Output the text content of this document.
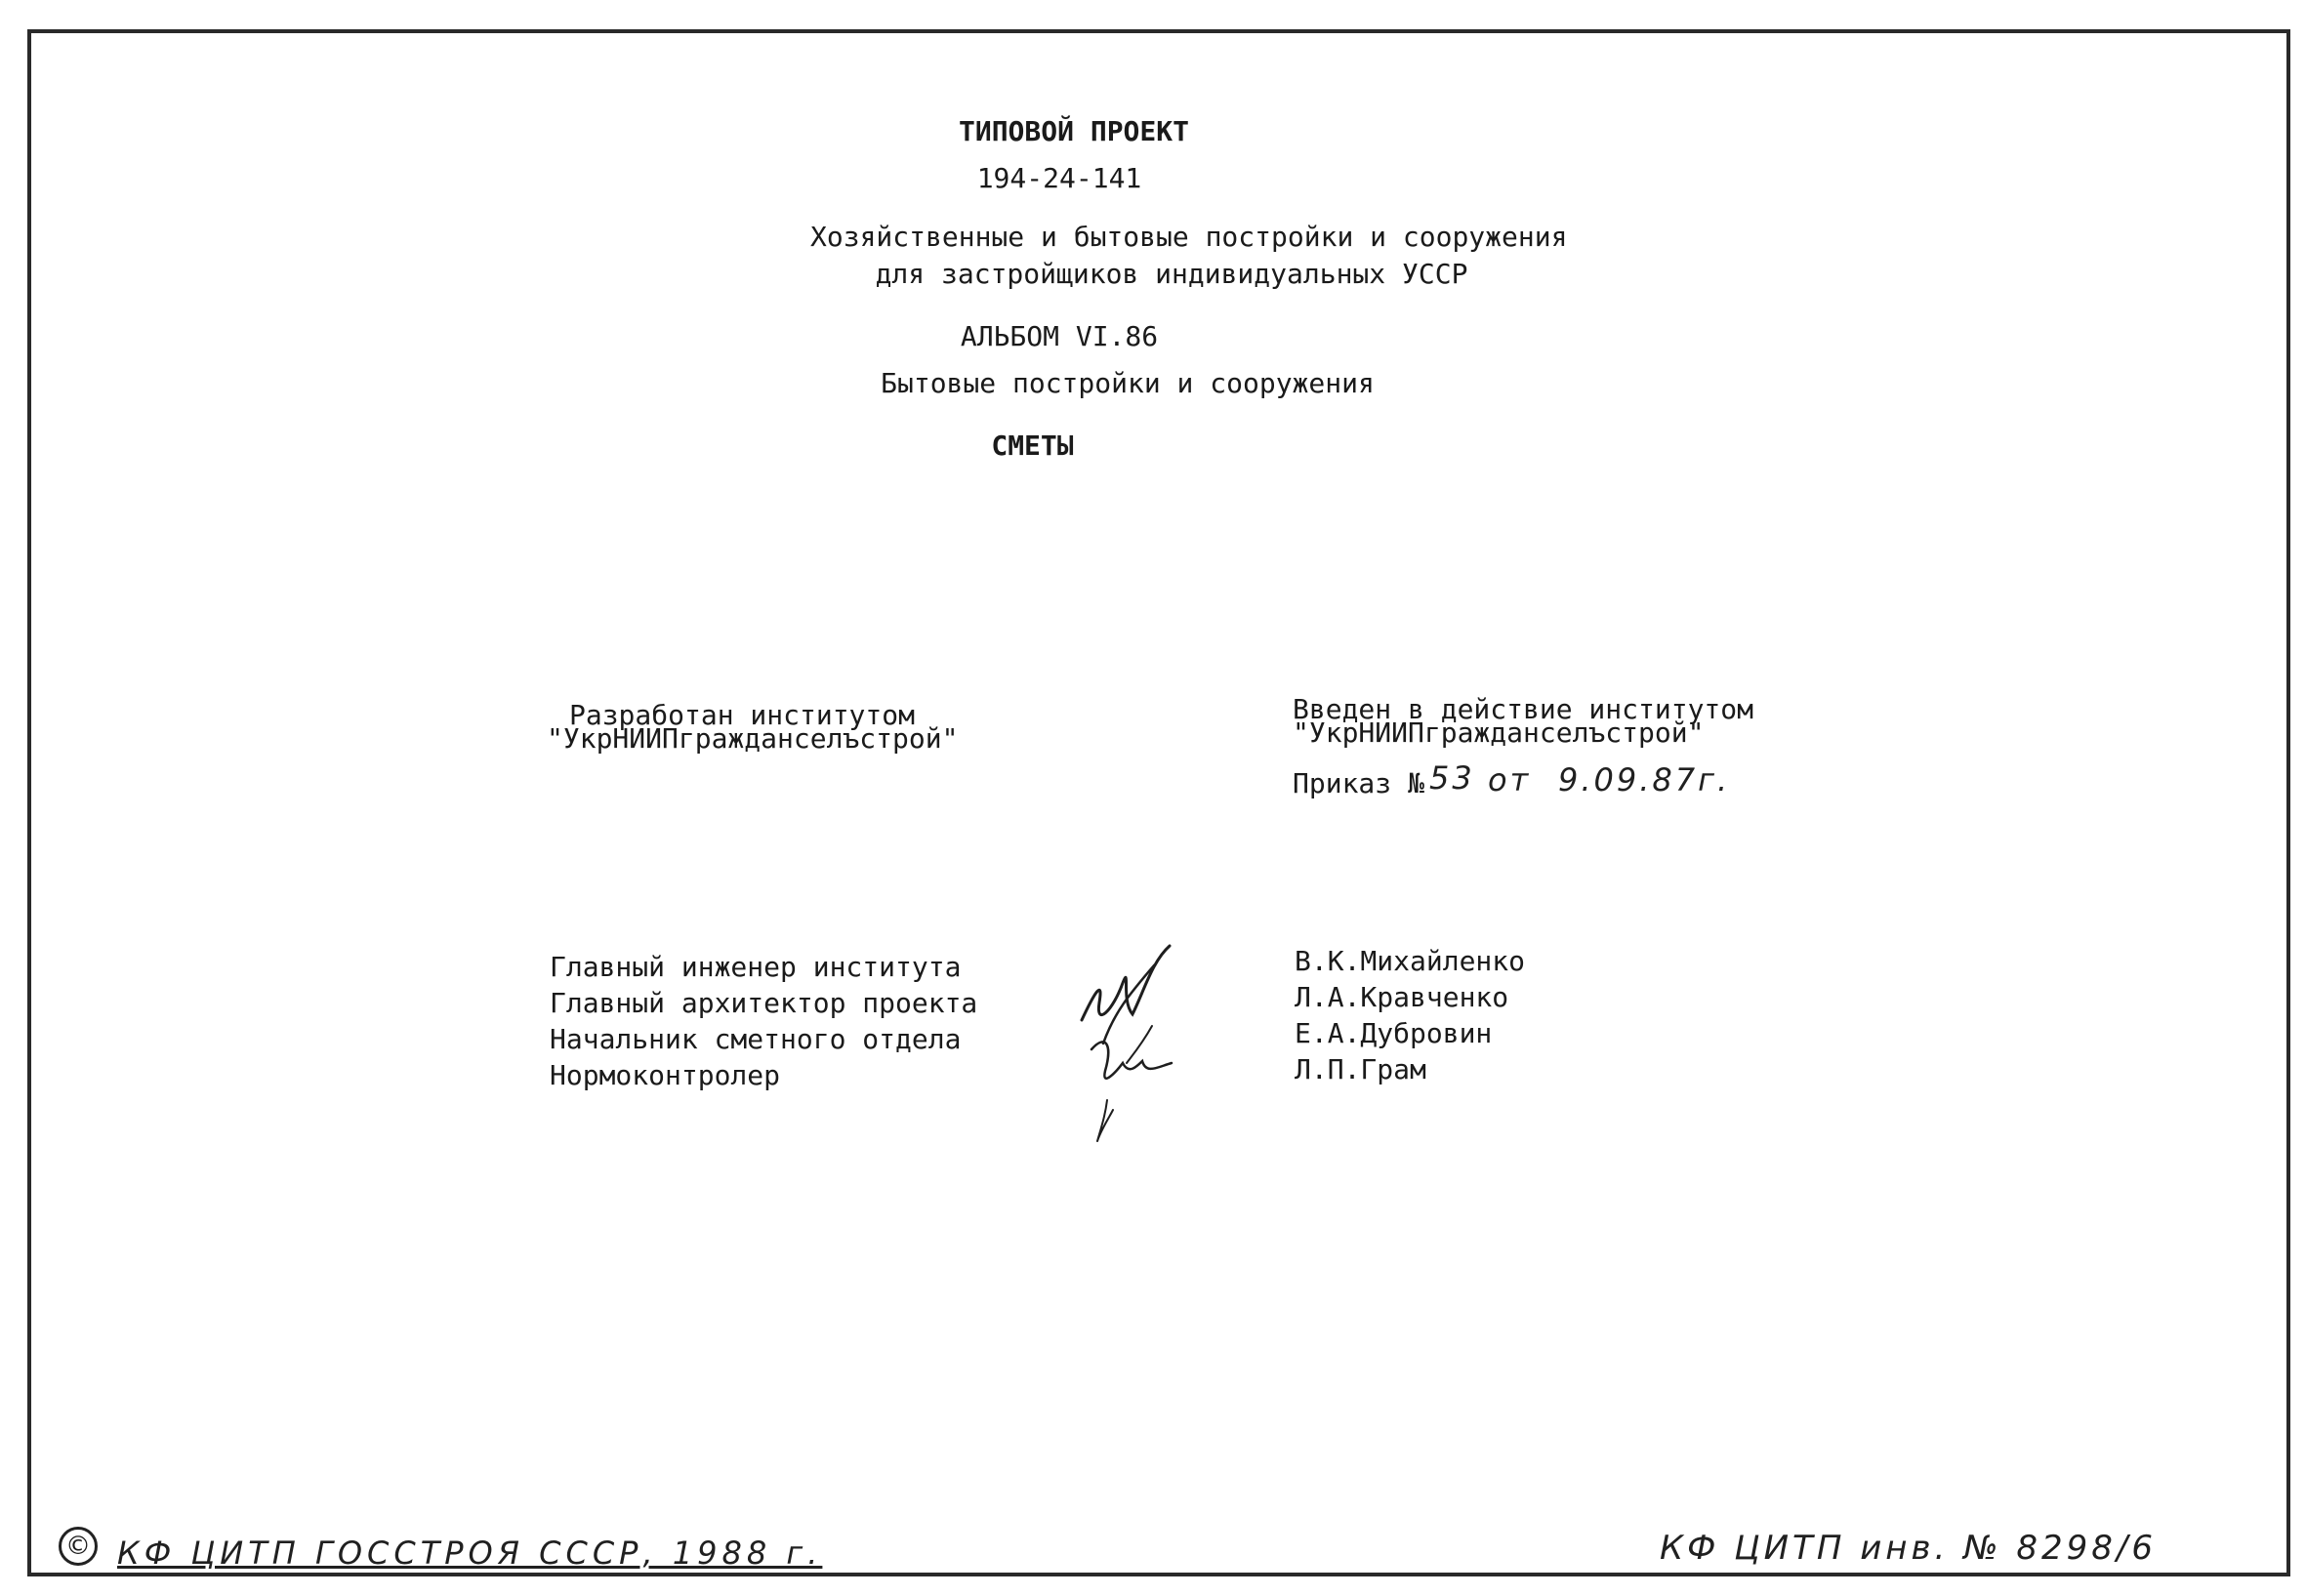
ТИПОВОЙ ПРОЕКТ
194-24-141
Хозяйственные и бытовые постройки и сооружения
для застройщиков индивидуальных УССР
АЛЬБОМ VI.86
Бытовые постройки и сооружения
СМЕТЫ
Разработан институтом
"УкрНИИПгражданселъстрой"
Введен в действие институтом
"УкрНИИПгражданселъстрой"
Приказ № 53 от 9.09.87г.
Главный инженер института
Главный архитектор проекта
Начальник сметного отдела
Нормоконтролер
В.К.Михайленко
Л.А.Кравченко
Е.А.Дубровин
Л.П.Грам
© КФ ЦИТП ГОССТРОЯ СССР, 1988 г.	КФ ЦИТП инв. № 8298/6
